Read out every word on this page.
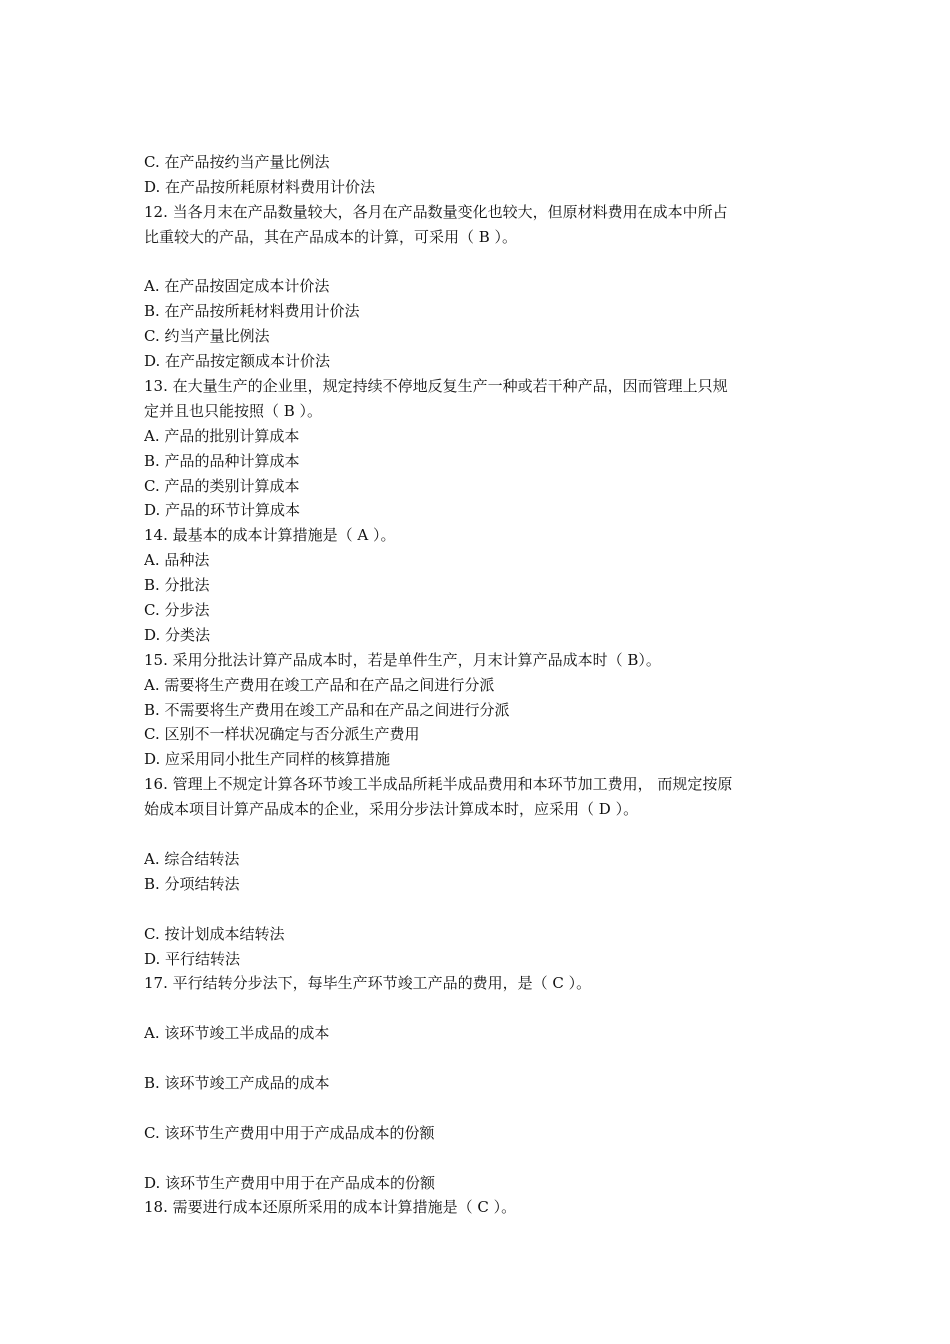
C. 在产品按约当产量比例法
D. 在产品按所耗原材料费用计价法
12. 当各月末在产品数量较大，各月在产品数量变化也较大，但原材料费用在成本中所占
比重较大的产品，其在产品成本的计算，可采用（ B ）。
A. 在产品按固定成本计价法
B. 在产品按所耗材料费用计价法
C. 约当产量比例法
D. 在产品按定额成本计价法
13. 在大量生产的企业里，规定持续不停地反复生产一种或若干种产品，因而管理上只规
定并且也只能按照（ B ）。
A. 产品的批别计算成本
B. 产品的品种计算成本
C. 产品的类别计算成本
D. 产品的环节计算成本
14. 最基本的成本计算措施是（ A ）。
A. 品种法
B. 分批法
C. 分步法
D. 分类法
15. 采用分批法计算产品成本时，若是单件生产，月末计算产品成本时（ B）。
A. 需要将生产费用在竣工产品和在产品之间进行分派
B. 不需要将生产费用在竣工产品和在产品之间进行分派
C. 区别不一样状况确定与否分派生产费用
D. 应采用同小批生产同样的核算措施
16. 管理上不规定计算各环节竣工半成品所耗半成品费用和本环节加工费用， 而规定按原
始成本项目计算产品成本的企业，采用分步法计算成本时，应采用（ D ）。
A. 综合结转法
B. 分项结转法
C. 按计划成本结转法
D. 平行结转法
17. 平行结转分步法下，每毕生产环节竣工产品的费用，是（ C ）。
A. 该环节竣工半成品的成本
B. 该环节竣工产成品的成本
C. 该环节生产费用中用于产成品成本的份额
D. 该环节生产费用中用于在产品成本的份额
18. 需要进行成本还原所采用的成本计算措施是（ C ）。
